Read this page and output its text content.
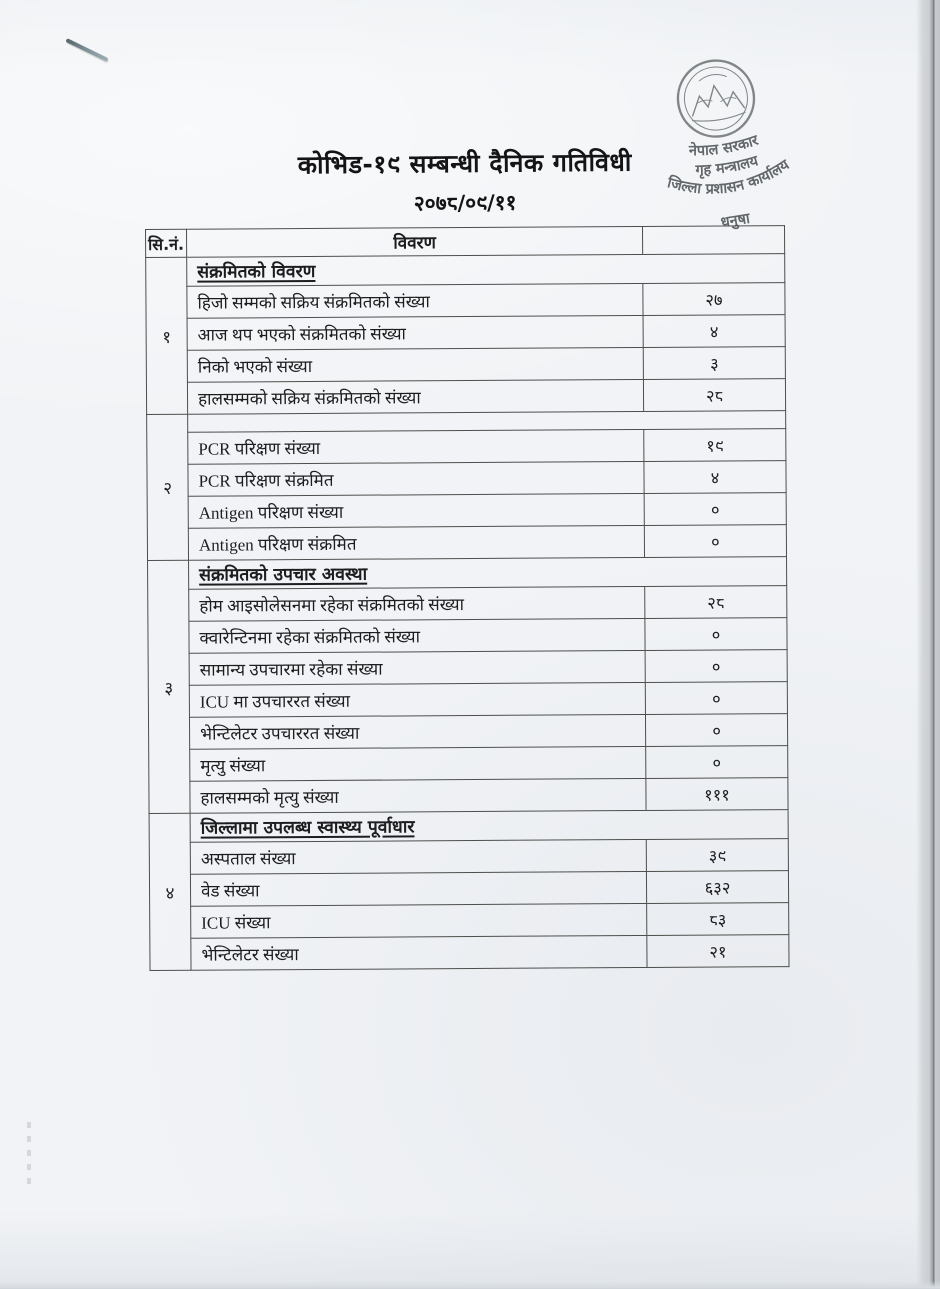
कोभिड-१९ सम्बन्धी दैनिक गतिविधी
२०७८/०९/११
नेपाल सरकार
गृह मन्त्रालय
जिल्ला प्रशासन कार्यालय
धनुषा
सि.नं.	विवरण	
१	संक्रमितको विवरण	
	हिजो सम्मको सक्रिय संक्रमितको संख्या	२७
	आज थप भएको संक्रमितको संख्या	४
	निको भएको संख्या	३
	हालसम्मको सक्रिय संक्रमितको संख्या	२८
२		
	PCR परिक्षण संख्या	१९
	PCR परिक्षण संक्रमित	४
	Antigen परिक्षण संख्या	०
	Antigen परिक्षण संक्रमित	०
३	संक्रमितको उपचार अवस्था	
	होम आइसोलेसनमा रहेका संक्रमितको संख्या	२८
	क्वारेन्टिनमा रहेका संक्रमितको संख्या	०
	सामान्य उपचारमा रहेका संख्या	०
	ICU मा उपचाररत संख्या	०
	भेन्टिलेटर उपचाररत संख्या	०
	मृत्यु संख्या	०
	हालसम्मको मृत्यु संख्या	१११
४	जिल्लामा उपलब्ध स्वास्थ्य पूर्वाधार	
	अस्पताल संख्या	३९
	वेड संख्या	६३२
	ICU संख्या	८३
	भेन्टिलेटर संख्या	२१
